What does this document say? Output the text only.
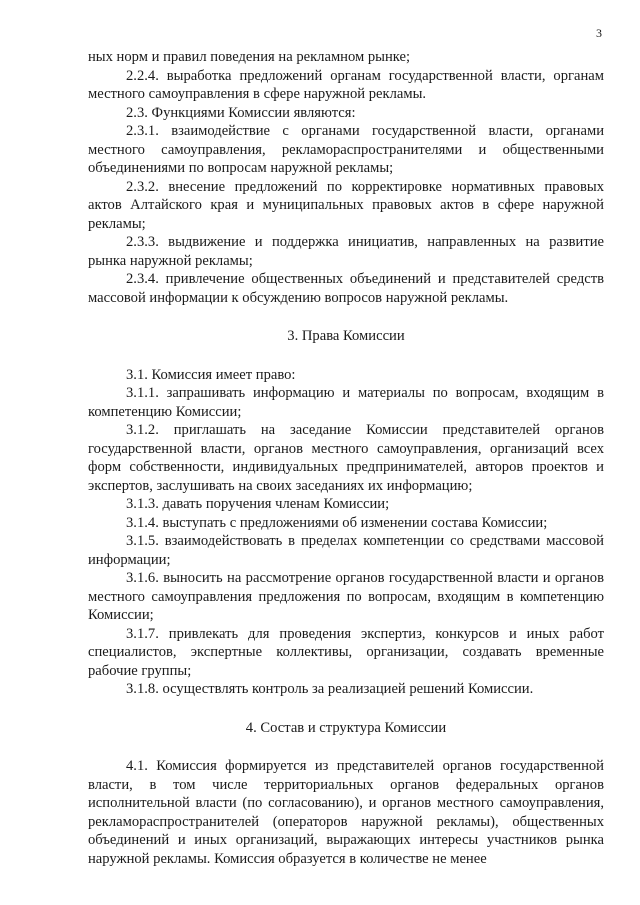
3

ных норм и правил поведения на рекламном рынке;

2.2.4. выработка предложений органам государственной власти, органам местного самоуправления в сфере наружной рекламы.

2.3. Функциями Комиссии являются:

2.3.1. взаимодействие с органами государственной власти, органами местного самоуправления, рекламораспространителями и общественными объединениями по вопросам наружной рекламы;

2.3.2. внесение предложений по корректировке нормативных правовых актов Алтайского края и муниципальных правовых актов в сфере наружной рекламы;

2.3.3. выдвижение и поддержка инициатив, направленных на развитие рынка наружной рекламы;

2.3.4. привлечение общественных объединений и представителей средств массовой информации к обсуждению вопросов наружной рекламы.

3. Права Комиссии

3.1. Комиссия имеет право:

3.1.1. запрашивать информацию и материалы по вопросам, входящим в компетенцию Комиссии;

3.1.2. приглашать на заседание Комиссии представителей органов государственной власти, органов местного самоуправления, организаций всех форм собственности, индивидуальных предпринимателей, авторов проектов и экспертов, заслушивать на своих заседаниях их информацию;

3.1.3. давать поручения членам Комиссии;

3.1.4. выступать с предложениями об изменении состава Комиссии;

3.1.5. взаимодействовать в пределах компетенции со средствами массовой информации;

3.1.6. выносить на рассмотрение органов государственной власти и органов местного самоуправления предложения по вопросам, входящим в компетенцию Комиссии;

3.1.7. привлекать для проведения экспертиз, конкурсов и иных работ специалистов, экспертные коллективы, организации, создавать временные рабочие группы;

3.1.8. осуществлять контроль за реализацией решений Комиссии.

4. Состав и структура Комиссии

4.1. Комиссия формируется из представителей органов государственной власти, в том числе территориальных органов федеральных органов исполнительной власти (по согласованию), и органов местного самоуправления, рекламораспространителей (операторов наружной рекламы), общественных объединений и иных организаций, выражающих интересы участников рынка наружной рекламы. Комиссия образуется в количестве не менее
